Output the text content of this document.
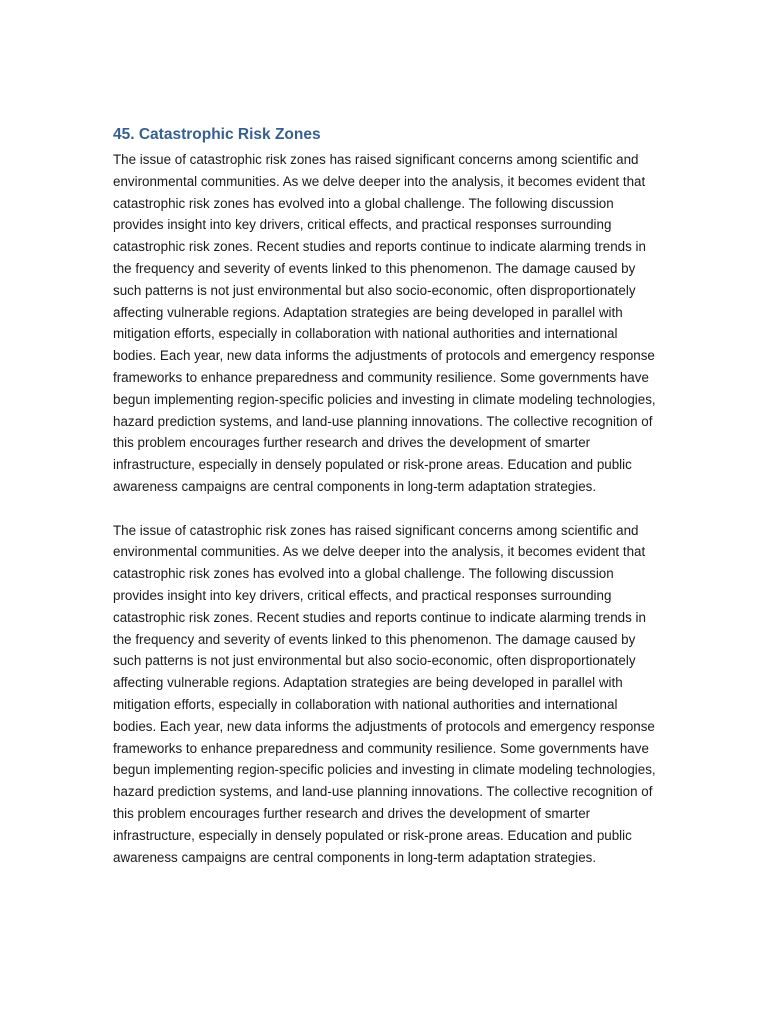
45. Catastrophic Risk Zones

The issue of catastrophic risk zones has raised significant concerns among scientific and environmental communities. As we delve deeper into the analysis, it becomes evident that catastrophic risk zones has evolved into a global challenge. The following discussion provides insight into key drivers, critical effects, and practical responses surrounding catastrophic risk zones. Recent studies and reports continue to indicate alarming trends in the frequency and severity of events linked to this phenomenon. The damage caused by such patterns is not just environmental but also socio-economic, often disproportionately affecting vulnerable regions. Adaptation strategies are being developed in parallel with mitigation efforts, especially in collaboration with national authorities and international bodies. Each year, new data informs the adjustments of protocols and emergency response frameworks to enhance preparedness and community resilience. Some governments have begun implementing region-specific policies and investing in climate modeling technologies, hazard prediction systems, and land-use planning innovations. The collective recognition of this problem encourages further research and drives the development of smarter infrastructure, especially in densely populated or risk-prone areas. Education and public awareness campaigns are central components in long-term adaptation strategies.

The issue of catastrophic risk zones has raised significant concerns among scientific and environmental communities. As we delve deeper into the analysis, it becomes evident that catastrophic risk zones has evolved into a global challenge. The following discussion provides insight into key drivers, critical effects, and practical responses surrounding catastrophic risk zones. Recent studies and reports continue to indicate alarming trends in the frequency and severity of events linked to this phenomenon. The damage caused by such patterns is not just environmental but also socio-economic, often disproportionately affecting vulnerable regions. Adaptation strategies are being developed in parallel with mitigation efforts, especially in collaboration with national authorities and international bodies. Each year, new data informs the adjustments of protocols and emergency response frameworks to enhance preparedness and community resilience. Some governments have begun implementing region-specific policies and investing in climate modeling technologies, hazard prediction systems, and land-use planning innovations. The collective recognition of this problem encourages further research and drives the development of smarter infrastructure, especially in densely populated or risk-prone areas. Education and public awareness campaigns are central components in long-term adaptation strategies.
